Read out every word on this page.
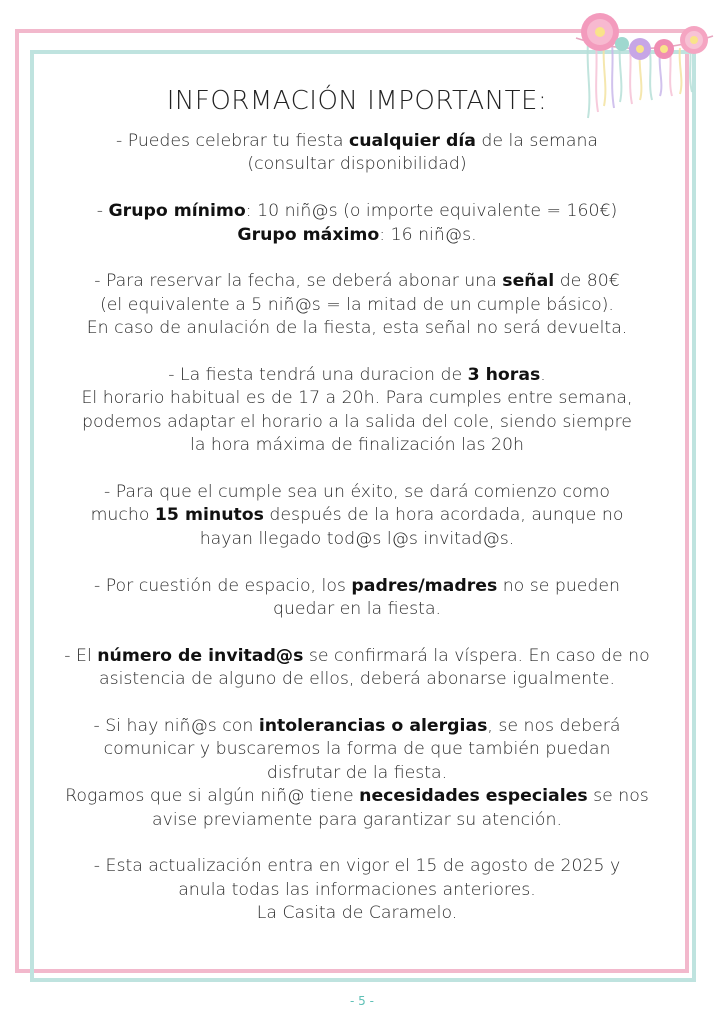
INFORMACIÓN IMPORTANTE:

- Puedes celebrar tu fiesta cualquier día de la semana
(consultar disponibilidad)

- Grupo mínimo: 10 niñ@s (o importe equivalente = 160€)
Grupo máximo: 16 niñ@s.

- Para reservar la fecha, se deberá abonar una señal de 80€
(el equivalente a 5 niñ@s = la mitad de un cumple básico).
En caso de anulación de la fiesta, esta señal no será devuelta.

- La fiesta tendrá una duracion de 3 horas.
El horario habitual es de 17 a 20h. Para cumples entre semana,
podemos adaptar el horario a la salida del cole, siendo siempre
la hora máxima de finalización las 20h

- Para que el cumple sea un éxito, se dará comienzo como
mucho 15 minutos después de la hora acordada, aunque no
hayan llegado tod@s l@s invitad@s.

- Por cuestión de espacio, los padres/madres no se pueden
quedar en la fiesta.

- El número de invitad@s se confirmará la víspera. En caso de no
asistencia de alguno de ellos, deberá abonarse igualmente.

- Si hay niñ@s con intolerancias o alergias, se nos deberá
comunicar y buscaremos la forma de que también puedan
disfrutar de la fiesta.
Rogamos que si algún niñ@ tiene necesidades especiales se nos
avise previamente para garantizar su atención.

- Esta actualización entra en vigor el 15 de agosto de 2025 y
anula todas las informaciones anteriores.
La Casita de Caramelo.

- 5 -
